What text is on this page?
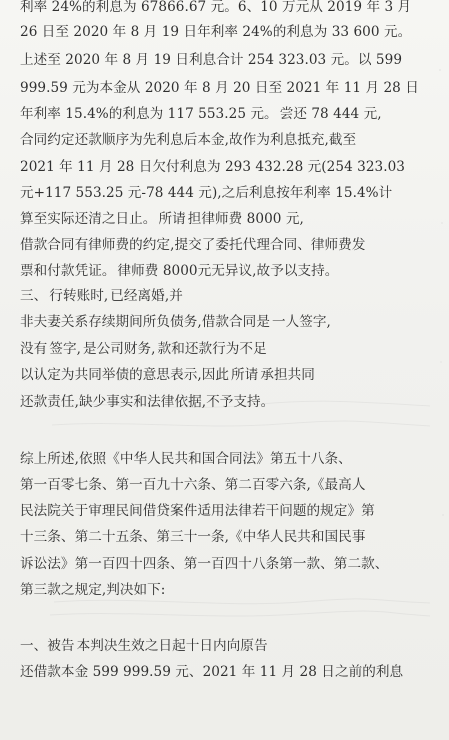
利率 24%的利息为 67866.67 元。6、10 万元从 2019 年 3 月
26 日至 2020 年 8 月 19 日年利率 24%的利息为 33 600 元。
上述至 2020 年 8 月 19 日利息合计 254 323.03 元。以 599
999.59 元为本金从 2020 年 8 月 20 日至 2021 年 11 月 28 日
年利率 15.4%的利息为 117 553.25 元。 尝还 78 444 元,
合同约定还款顺序为先利息后本金,故作为利息抵充,截至
2021 年 11 月 28 日欠付利息为 293 432.28 元(254 323.03
元+117 553.25 元-78 444 元),之后利息按年利率 15.4%计
算至实际还清之日止。 所请 担律师费 8000 元,
借款合同有律师费的约定,提交了委托代理合同、律师费发
票和付款凭证。 律师费 8000元无异议,故予以支持。
三、 行转账时, 已经离婚,并
非夫妻关系存续期间所负债务,借款合同是 一人签字,
没有 签字, 是公司财务, 款和还款行为不足
以认定为共同举债的意思表示,因此 所请 承担共同
还款责任,缺少事实和法律依据,不予支持。
综上所述,依照《中华人民共和国合同法》第五十八条、
第一百零七条、第一百九十六条、第二百零六条,《最高人
民法院关于审理民间借贷案件适用法律若干问题的规定》第
十三条、第二十五条、第三十一条,《中华人民共和国民事
诉讼法》第一百四十四条、第一百四十八条第一款、第二款、
第三款之规定,判决如下:
一、被告 本判决生效之日起十日内向原告
还借款本金 599 999.59 元、2021 年 11 月 28 日之前的利息
